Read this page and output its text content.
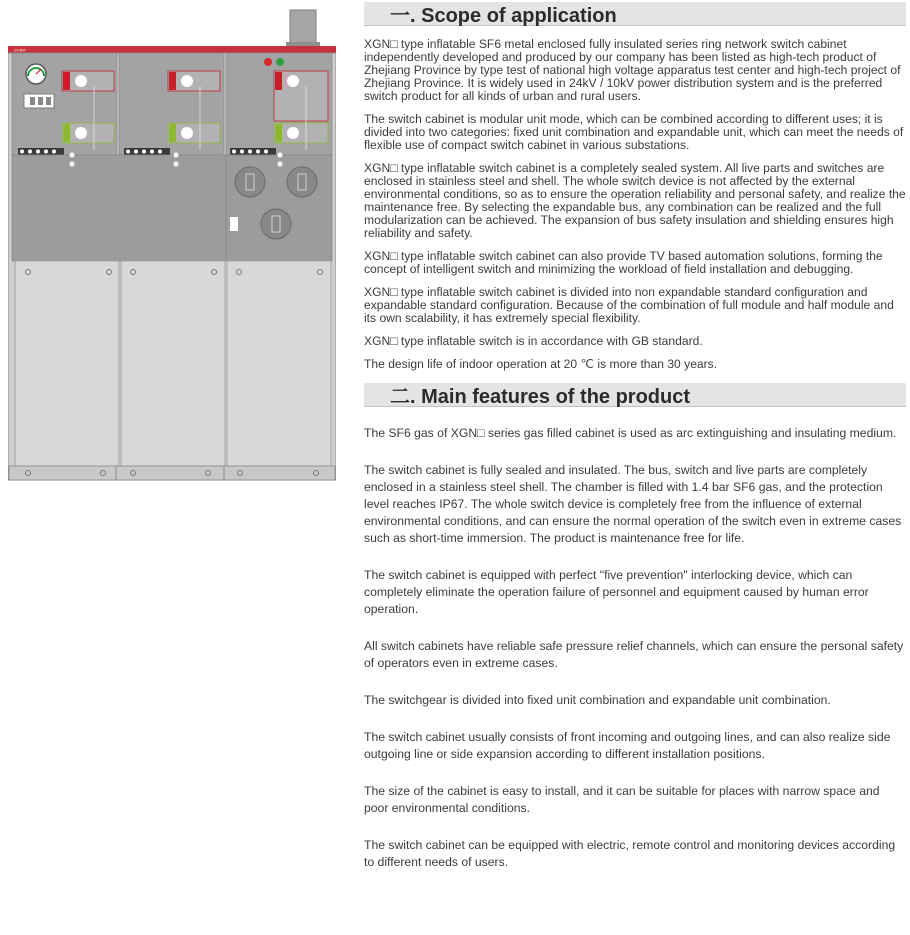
CHINT
一. Scope of application

XGN□ type inflatable SF6 metal enclosed fully insulated series ring network switch cabinet independently developed and produced by our company has been listed as high-tech product of Zhejiang Province by type test of national high voltage apparatus test center and high-tech project of Zhejiang Province. It is widely used in 24kV / 10kV power distribution system and is the preferred switch product for all kinds of urban and rural users.

The switch cabinet is modular unit mode, which can be combined according to different uses; it is divided into two categories: fixed unit combination and expandable unit, which can meet the needs of flexible use of compact switch cabinet in various substations.

XGN□ type inflatable switch cabinet is a completely sealed system. All live parts and switches are enclosed in stainless steel and shell. The whole switch device is not affected by the external environmental conditions, so as to ensure the operation reliability and personal safety, and realize the maintenance free. By selecting the expandable bus, any combination can be realized and the full modularization can be achieved. The expansion of bus safety insulation and shielding ensures high reliability and safety.

XGN□ type inflatable switch cabinet can also provide TV based automation solutions, forming the concept of intelligent switch and minimizing the workload of field installation and debugging.

XGN□ type inflatable switch cabinet is divided into non expandable standard configuration and expandable standard configuration. Because of the combination of full module and half module and its own scalability, it has extremely special flexibility.

XGN□ type inflatable switch is in accordance with GB standard.

The design life of indoor operation at 20 ℃ is more than 30 years.

二. Main features of the product

The SF6 gas of XGN□ series gas filled cabinet is used as arc extinguishing and insulating medium.

The switch cabinet is fully sealed and insulated. The bus, switch and live parts are completely enclosed in a stainless steel shell. The chamber is filled with 1.4 bar SF6 gas, and the protection level reaches IP67. The whole switch device is completely free from the influence of external environmental conditions, and can ensure the normal operation of the switch even in extreme cases such as short-time immersion. The product is maintenance free for life.

The switch cabinet is equipped with perfect "five prevention" interlocking device, which can completely eliminate the operation failure of personnel and equipment caused by human error operation.

All switch cabinets have reliable safe pressure relief channels, which can ensure the personal safety of operators even in extreme cases.

The switchgear is divided into fixed unit combination and expandable unit combination.

The switch cabinet usually consists of front incoming and outgoing lines, and can also realize side outgoing line or side expansion according to different installation positions.

The size of the cabinet is easy to install, and it can be suitable for places with narrow space and poor environmental conditions.

The switch cabinet can be equipped with electric, remote control and monitoring devices according to different needs of users.
